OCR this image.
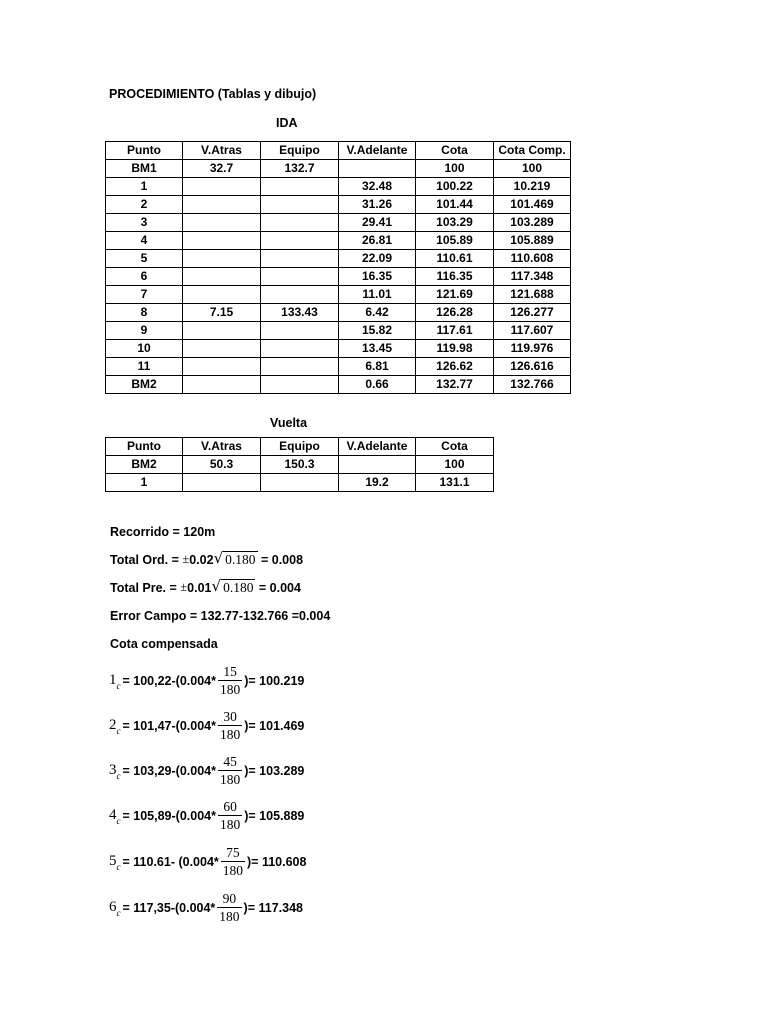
PROCEDIMIENTO (Tablas y dibujo)
IDA
Punto	V.Atras	Equipo	V.Adelante	Cota	Cota Comp.
BM1	32.7	132.7		100	100
1			32.48	100.22	10.219
2			31.26	101.44	101.469
3			29.41	103.29	103.289
4			26.81	105.89	105.889
5			22.09	110.61	110.608
6			16.35	116.35	117.348
7			11.01	121.69	121.688
8	7.15	133.43	6.42	126.28	126.277
9			15.82	117.61	117.607
10			13.45	119.98	119.976
11			6.81	126.62	126.616
BM2			0.66	132.77	132.766
Vuelta
Punto	V.Atras	Equipo	V.Adelante	Cota
BM2	50.3	150.3		100
1			19.2	131.1
Recorrido = 120m
Total Ord. = ± 0.02 √ 0.180 = 0.008
Total Pre. = ± 0.01 √ 0.180 = 0.004
Error Campo = 132.77-132.766 =0.004
Cota compensada
1 $c = 100,22-(0.004* \frac{15}{180}$ )= 100.219
2 $c = 101,47-(0.004* \frac{30}{180}$ )= 101.469
3 $c = 103,29-(0.004* \frac{45}{180}$ )= 103.289
4 $c = 105,89-(0.004* \frac{60}{180}$ )= 105.889
5 c = 110.61- ($0.004* \frac{75}{180}$ )= 110.608
6 $c = 117,35-(0.004* \frac{90}{180}$ )= 117.348
